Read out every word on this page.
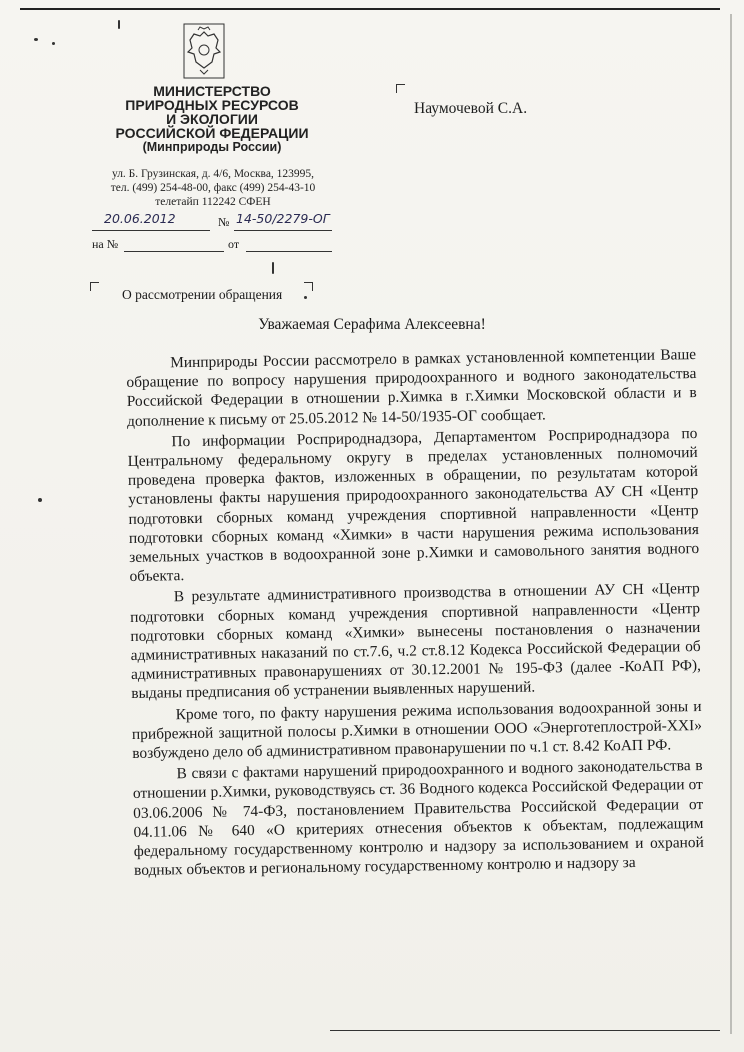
МИНИСТЕРСТВО
ПРИРОДНЫХ РЕСУРСОВ
И ЭКОЛОГИИ
РОССИЙСКОЙ ФЕДЕРАЦИИ
(Минприроды России)
ул. Б. Грузинская, д. 4/6, Москва, 123995,
тел. (499) 254-48-00, факс (499) 254-43-10
телетайп 112242 СФЕН
20.06.2012	№ 14-50/2279-ОГ
на №	от
Наумочевой С.А.
О рассмотрении обращения
Уважаемая Серафима Алексеевна!

Минприроды России рассмотрело в рамках установленной компетенции Ваше обращение по вопросу нарушения природоохранного и водного законодательства Российской Федерации в отношении р.Химка в г.Химки Московской области и в дополнение к письму от 25.05.2012 № 14-50/1935-ОГ сообщает.

По информации Росприроднадзора, Департаментом Росприроднадзора по Центральному федеральному округу в пределах установленных полномочий проведена проверка фактов, изложенных в обращении, по результатам которой установлены факты нарушения природоохранного законодательства АУ СН «Центр подготовки сборных команд учреждения спортивной направленности «Центр подготовки сборных команд «Химки» в части нарушения режима использования земельных участков в водоохранной зоне р.Химки и самовольного занятия водного объекта.

В результате административного производства в отношении АУ СН «Центр подготовки сборных команд учреждения спортивной направленности «Центр подготовки сборных команд «Химки» вынесены постановления о назначении административных наказаний по ст.7.6, ч.2 ст.8.12 Кодекса Российской Федерации об административных правонарушениях от 30.12.2001 № 195-ФЗ (далее -КоАП РФ), выданы предписания об устранении выявленных нарушений.

Кроме того, по факту нарушения режима использования водоохранной зоны и прибрежной защитной полосы р.Химки в отношении ООО «Энерготеплострой-XXI» возбуждено дело об административном правонарушении по ч.1 ст. 8.42 КоАП РФ.

В связи с фактами нарушений природоохранного и водного законодательства в отношении р.Химки, руководствуясь ст. 36 Водного кодекса Российской Федерации от 03.06.2006 № 74-ФЗ, постановлением Правительства Российской Федерации от 04.11.06 № 640 «О критериях отнесения объектов к объектам, подлежащим федеральному государственному контролю и надзору за использованием и охраной водных объектов и региональному государственному контролю и надзору за
